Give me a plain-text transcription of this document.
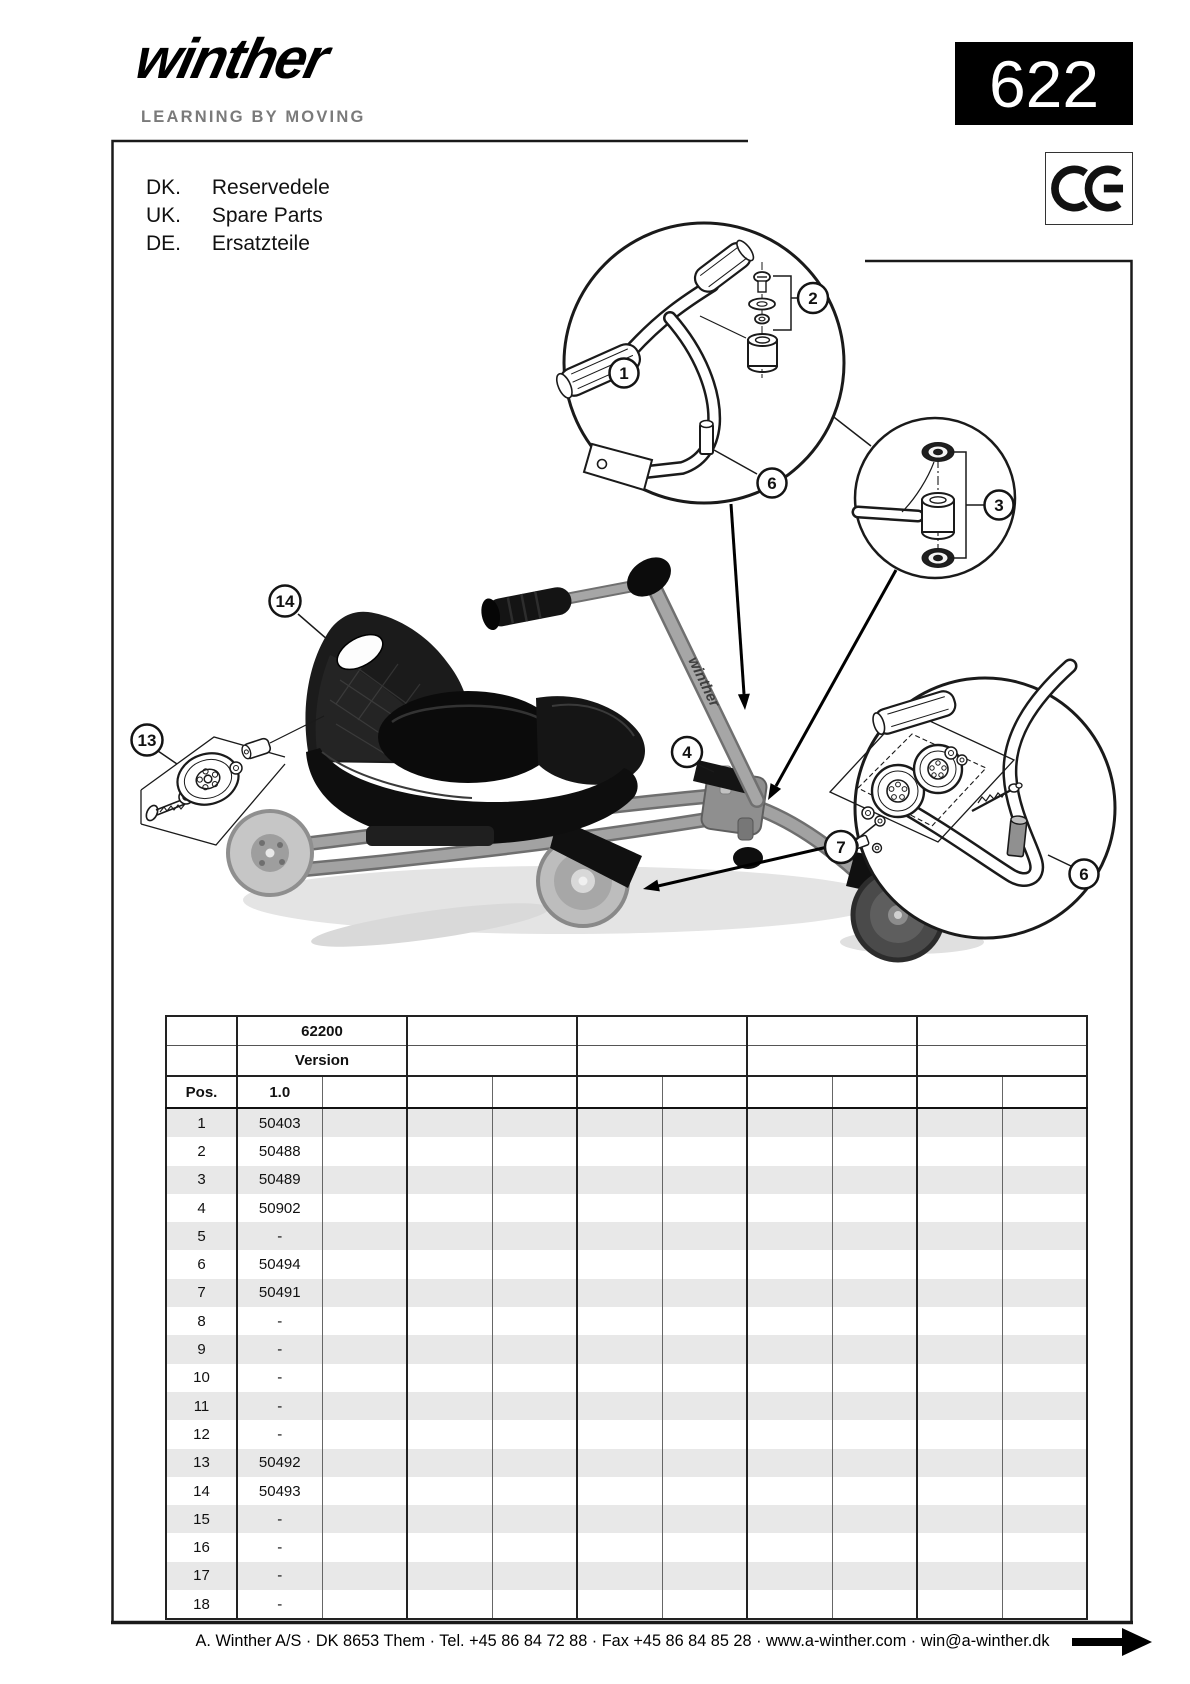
winther
LEARNING BY MOVING	622
DK. Reservedele
UK. Spare Parts
DE. Ersatzteile
winther
1
2
3
4
6
6
7
13
14
	62200									
	Version									
Pos.	1.0									
1	50403									
2	50488									
3	50489									
4	50902									
5	-									
6	50494									
7	50491									
8	-									
9	-									
10	-									
11	-									
12	-									
13	50492									
14	50493									
15	-									
16	-									
17	-									
18	-									
A. Winther A/S · DK 8653 Them · Tel. +45 86 84 72 88 · Fax +45 86 84 85 28 · www.a-winther.com · win@a-winther.dk
